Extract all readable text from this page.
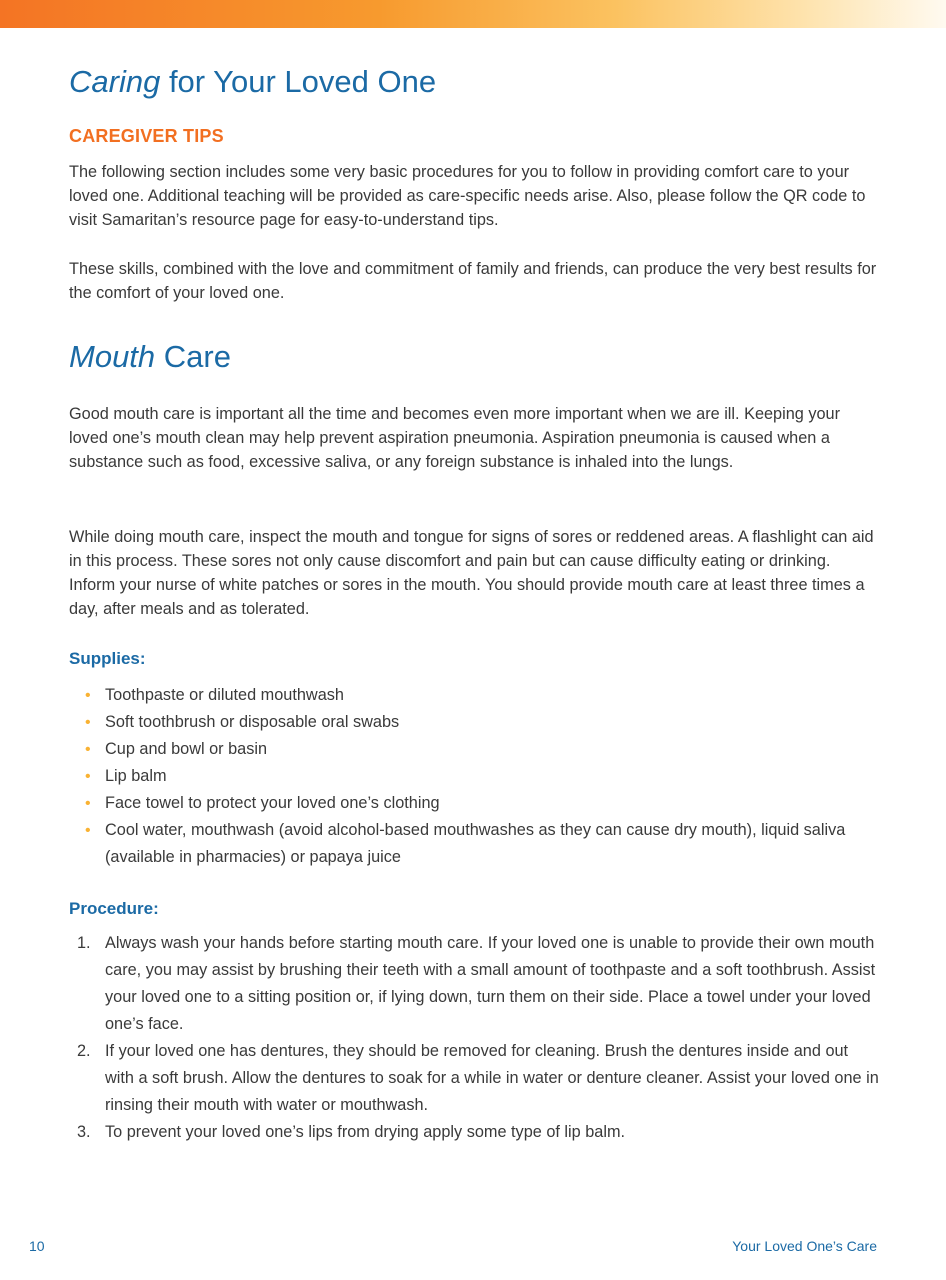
Caring for Your Loved One
CAREGIVER TIPS

The following section includes some very basic procedures for you to follow in providing comfort care to your loved one. Additional teaching will be provided as care-specific needs arise. Also, please follow the QR code to visit Samaritan’s resource page for easy-to-understand tips.

These skills, combined with the love and commitment of family and friends, can produce the very best results for the comfort of your loved one.

Mouth Care

Good mouth care is important all the time and becomes even more important when we are ill. Keeping your loved one’s mouth clean may help prevent aspiration pneumonia. Aspiration pneumonia is caused when a substance such as food, excessive saliva, or any foreign substance is inhaled into the lungs.

While doing mouth care, inspect the mouth and tongue for signs of sores or reddened areas. A flashlight can aid in this process. These sores not only cause discomfort and pain but can cause difficulty eating or drinking. Inform your nurse of white patches or sores in the mouth. You should provide mouth care at least three times a day, after meals and as tolerated.

Supplies:
• Toothpaste or diluted mouthwash
• Soft toothbrush or disposable oral swabs
• Cup and bowl or basin
• Lip balm
• Face towel to protect your loved one’s clothing
• Cool water, mouthwash (avoid alcohol-based mouthwashes as they can cause dry mouth), liquid saliva (available in pharmacies) or papaya juice
Procedure:
1. Always wash your hands before starting mouth care. If your loved one is unable to provide their own mouth care, you may assist by brushing their teeth with a small amount of toothpaste and a soft toothbrush. Assist your loved one to a sitting position or, if lying down, turn them on their side. Place a towel under your loved one’s face.
2. If your loved one has dentures, they should be removed for cleaning. Brush the dentures inside and out with a soft brush. Allow the dentures to soak for a while in water or denture cleaner. Assist your loved one in rinsing their mouth with water or mouthwash.
3. To prevent your loved one’s lips from drying apply some type of lip balm.
10	Your Loved One’s Care
